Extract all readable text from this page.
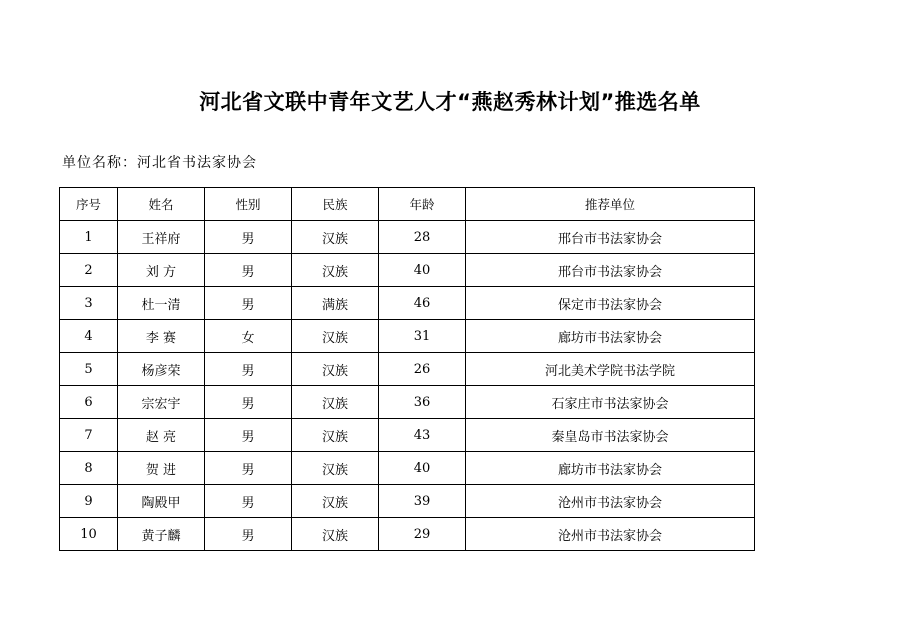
河北省文联中青年文艺人才“燕赵秀林计划”推选名单
单位名称：河北省书法家协会
序号	姓名	性别	民族	年龄	推荐单位
1	王祥府	男	汉族	28	邢台市书法家协会
2	刘 方	男	汉族	40	邢台市书法家协会
3	杜一清	男	满族	46	保定市书法家协会
4	李 赛	女	汉族	31	廊坊市书法家协会
5	杨彦荣	男	汉族	26	河北美术学院书法学院
6	宗宏宇	男	汉族	36	石家庄市书法家协会
7	赵 亮	男	汉族	43	秦皇岛市书法家协会
8	贺 进	男	汉族	40	廊坊市书法家协会
9	陶殿甲	男	汉族	39	沧州市书法家协会
10	黄子麟	男	汉族	29	沧州市书法家协会
